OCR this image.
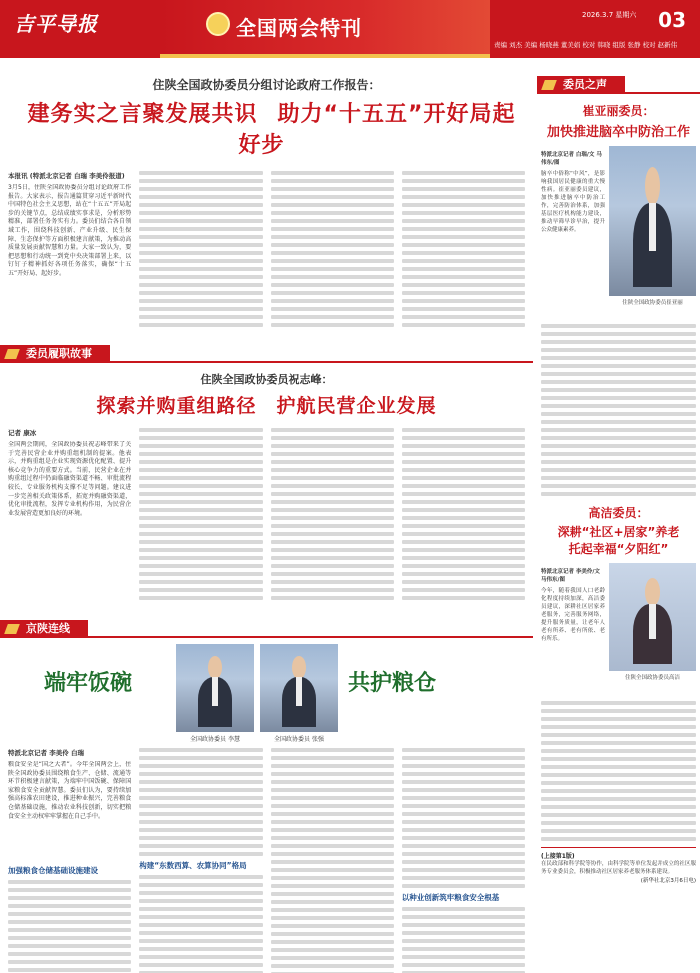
吉平导报	全国两会特刊
2026.3.7 星期六 03
责编 刘杰 美编 杨晓燕 董美娟 校对 韩晓 组版 张静 校对 赵新伟
住陕全国政协委员分组讨论政府工作报告：
建务实之言聚发展共识 助力“十五五”开好局起好步
本报讯 (特派北京记者 白瑞 李美伶报道)
3月5日，住陕全国政协委员分组讨论政府工作报告。大家表示，报告通篇贯穿习近平新时代中国特色社会主义思想，站在“十五五”开局起步的关键节点，总结成绩实事求是，分析形势精准，部署任务务实有力。委员们结合各自领域工作，围绕科技创新、产业升级、民生保障、生态保护等方面积极建言献策，为推动高质量发展贡献智慧和力量。大家一致认为，要把思想和行动统一到党中央决策部署上来，以钉钉子精神抓好各项任务落实，确保“十五五”开好局、起好步。
委员履职故事
住陕全国政协委员祝志峰：
探索并购重组路径 护航民营企业发展
记者 康冰
全国两会期间，全国政协委员祝志峰带来了关于完善民营企业并购重组机制的提案。他表示，并购重组是企业实现资源优化配置、提升核心竞争力的重要方式。当前，民营企业在并购重组过程中仍面临融资渠道不畅、审批流程较长、专业服务机构支撑不足等问题。建议进一步完善相关政策体系，拓宽并购融资渠道，优化审批流程，发挥专业机构作用，为民营企业发展营造更加良好的环境。
京陕连线
端牢饭碗	共护粮仓
全国政协委员 李慧	全国政协委员 张强
特派北京记者 李美伶 白瑞
粮食安全是“国之大者”。今年全国两会上，住陕全国政协委员围绕粮食生产、仓储、流通等环节积极建言献策，为端牢中国饭碗、保障国家粮食安全贡献智慧。委员们认为，要持续加强高标准农田建设，推进种业振兴，完善粮食仓储基础设施，推动农业科技创新，切实把粮食安全主动权牢牢掌握在自己手中。
加强粮食仓储基础设施建设
构建“东数西算、农算协同”格局
以种业创新筑牢粮食安全根基
委员之声
崔亚丽委员：
加快推进脑卒中防治工作
特派北京记者 白瑞/文 马伟东/图
脑卒中俗称“中风”，是影响我国居民健康的重大慢性病。崔亚丽委员建议，加快推进脑卒中防治工作，完善防治体系，加强基层医疗机构能力建设，推动早筛早诊早治，提升公众健康素养。
住陕全国政协委员崔亚丽
高洁委员：
深耕“社区+居家”养老
托起幸福“夕阳红”
特派北京记者 李美伶/文 马伟东/图
今年，随着我国人口老龄化程度持续加深，高洁委员建议，深耕社区居家养老服务，完善服务网络，提升服务质量，让老年人老有所养、老有所依、老有所乐。
住陕全国政协委员高洁
(上接第1版)
在民政部和科学院等协作，由科学院等单位发起并成立的社区服务专业委员会，积极推动社区居家养老服务体系建设。
(新华社北京3月6日电)
